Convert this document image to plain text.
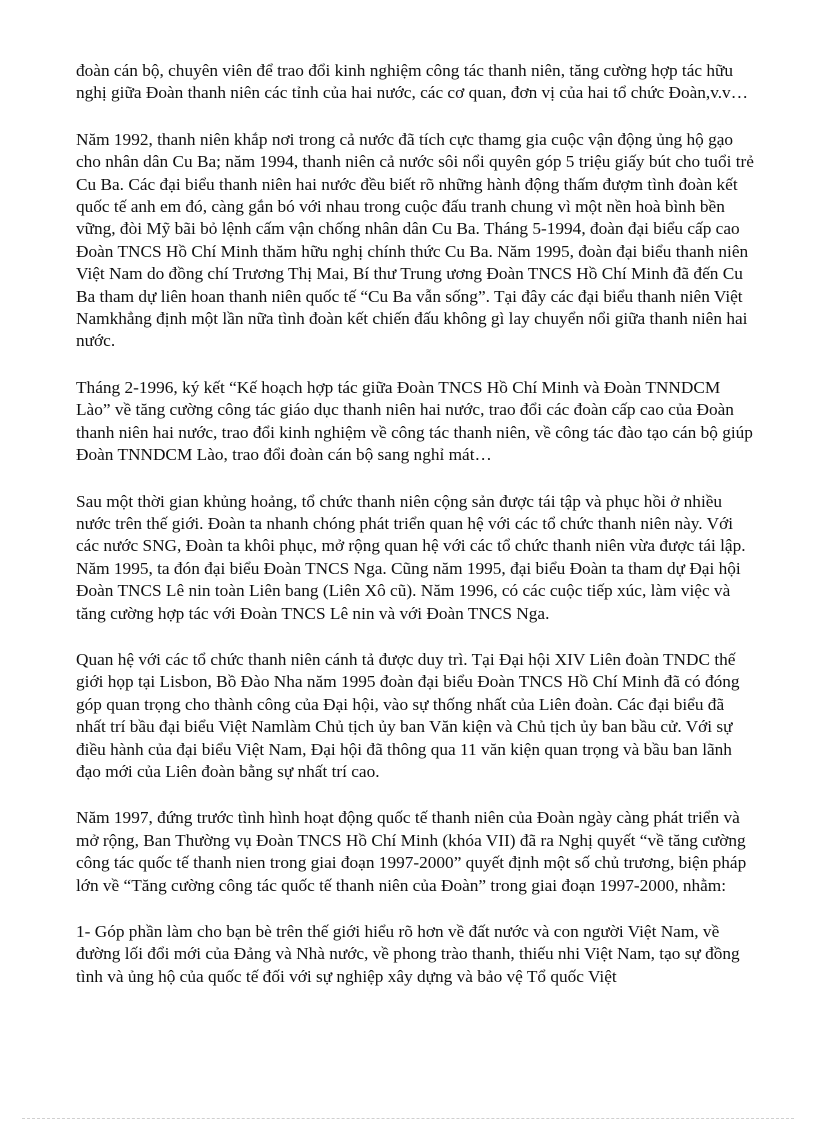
đoàn cán bộ, chuyên viên để trao đổi kinh nghiệm công tác thanh niên, tăng cường hợp tác hữu nghị giữa Đoàn thanh niên các tỉnh của hai nước, các cơ quan, đơn vị của hai tổ chức Đoàn,v.v…

Năm 1992, thanh niên khắp nơi trong cả nước đã tích cực thamg gia cuộc vận động ủng hộ gạo cho nhân dân Cu Ba; năm 1994, thanh niên cả nước sôi nổi quyên góp 5 triệu giấy bút cho tuổi trẻ Cu Ba. Các đại biểu thanh niên hai nước đều biết rõ những hành động thấm đượm tình đoàn kết quốc tế anh em đó, càng gắn bó với nhau trong cuộc đấu tranh chung vì một nền hoà bình bền vững, đòi Mỹ bãi bỏ lệnh cấm vận chống nhân dân Cu Ba. Tháng 5-1994, đoàn đại biểu cấp cao Đoàn TNCS Hồ Chí Minh thăm hữu nghị chính thức Cu Ba. Năm 1995, đoàn đại biểu thanh niên Việt Nam do đồng chí Trương Thị Mai, Bí thư Trung ương Đoàn TNCS Hồ Chí Minh đã đến Cu Ba tham dự liên hoan thanh niên quốc tế “Cu Ba vẫn sống”. Tại đây các đại biểu thanh niên Việt Namkhẳng định một lần nữa tình đoàn kết chiến đấu không gì lay chuyển nổi giữa thanh niên hai nước.

Tháng 2-1996, ký kết “Kế hoạch hợp tác giữa Đoàn TNCS Hồ Chí Minh và Đoàn TNNDCM Lào” về tăng cường công tác giáo dục thanh niên hai nước, trao đổi các đoàn cấp cao của Đoàn thanh niên hai nước, trao đổi kinh nghiệm về công tác thanh niên, về công tác đào tạo cán bộ giúp Đoàn TNNDCM Lào, trao đổi đoàn cán bộ sang nghỉ mát…

Sau một thời gian khủng hoảng, tổ chức thanh niên cộng sản được tái tập và phục hồi ở nhiều nước trên thế giới. Đoàn ta nhanh chóng phát triển quan hệ với các tổ chức thanh niên này. Với các nước SNG, Đoàn ta khôi phục, mở rộng quan hệ với các tổ chức thanh niên vừa được tái lập. Năm 1995, ta đón đại biểu Đoàn TNCS Nga. Cũng năm 1995, đại biểu Đoàn ta tham dự Đại hội Đoàn TNCS Lê nin toàn Liên bang (Liên Xô cũ). Năm 1996, có các cuộc tiếp xúc, làm việc và tăng cường hợp tác với Đoàn TNCS Lê nin và với Đoàn TNCS Nga.

Quan hệ với các tổ chức thanh niên cánh tả được duy trì. Tại Đại hội XIV Liên đoàn TNDC thế giới họp tại Lisbon, Bồ Đào Nha năm 1995 đoàn đại biểu Đoàn TNCS Hồ Chí Minh đã có đóng góp quan trọng cho thành công của Đại hội, vào sự thống nhất của Liên đoàn. Các đại biểu đã nhất trí bầu đại biểu Việt Namlàm Chủ tịch ủy ban Văn kiện và Chủ tịch ủy ban bầu cử. Với sự điều hành của đại biểu Việt Nam, Đại hội đã thông qua 11 văn kiện quan trọng và bầu ban lãnh đạo mới của Liên đoàn bằng sự nhất trí cao.

Năm 1997, đứng trước tình hình hoạt động quốc tế thanh niên của Đoàn ngày càng phát triển và mở rộng, Ban Thường vụ Đoàn TNCS Hồ Chí Minh (khóa VII) đã ra Nghị quyết “về tăng cường công tác quốc tế thanh nien trong giai đoạn 1997-2000” quyết định một số chủ trương, biện pháp lớn về “Tăng cường công tác quốc tế thanh niên của Đoàn” trong giai đoạn 1997-2000, nhằm:

1- Góp phần làm cho bạn bè trên thế giới hiểu rõ hơn về đất nước và con người Việt Nam, về đường lối đổi mới của Đảng và Nhà nước, về phong trào thanh, thiếu nhi Việt Nam, tạo sự đồng tình và ủng hộ của quốc tế đối với sự nghiệp xây dựng và bảo vệ Tổ quốc Việt
